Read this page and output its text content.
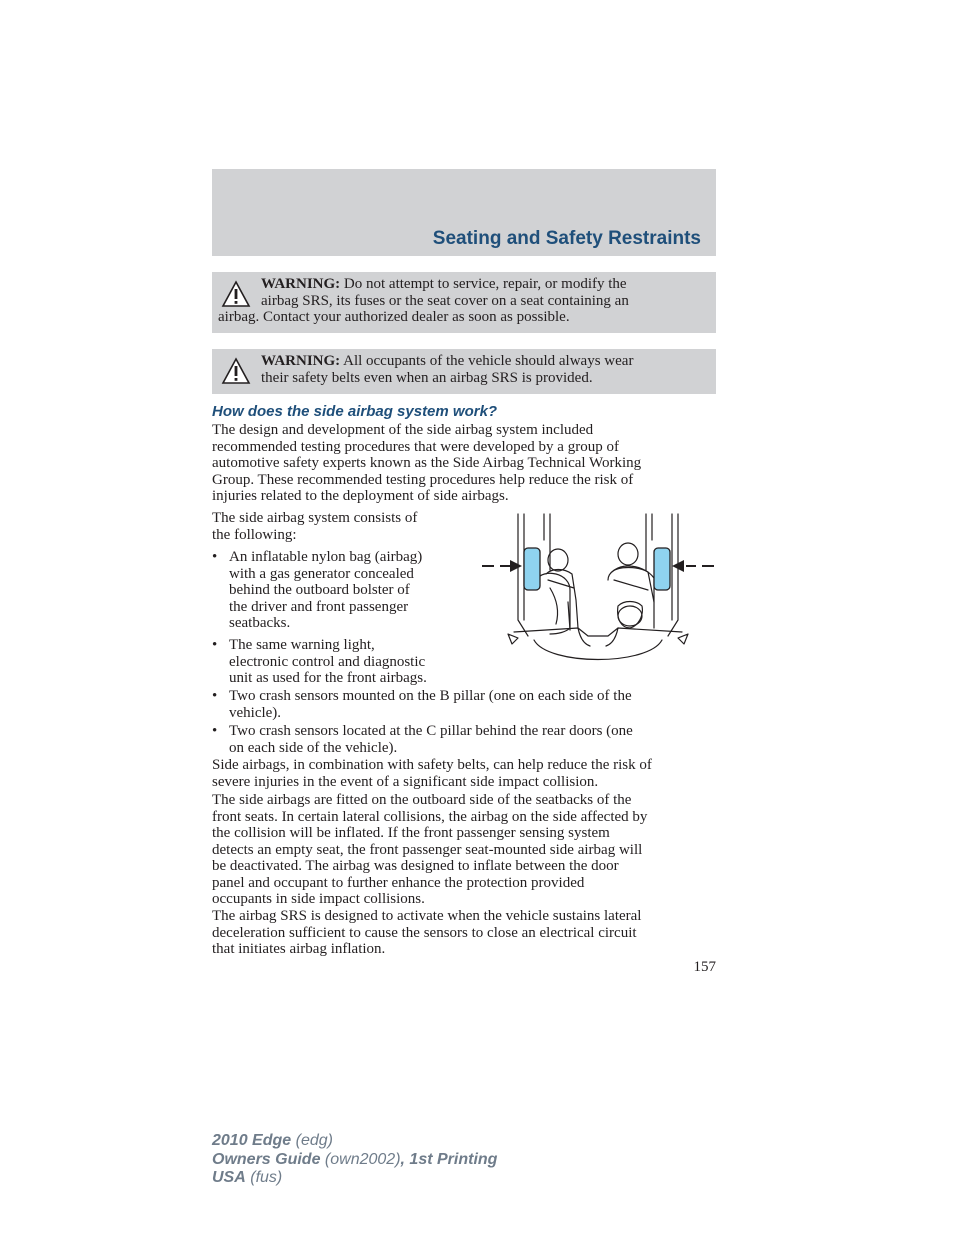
Seating and Safety Restraints
WARNING: Do not attempt to service, repair, or modify the
airbag SRS, its fuses or the seat cover on a seat containing an
airbag. Contact your authorized dealer as soon as possible.
WARNING: All occupants of the vehicle should always wear
their safety belts even when an airbag SRS is provided.
How does the side airbag system work?

The design and development of the side airbag system included

recommended testing procedures that were developed by a group of

automotive safety experts known as the Side Airbag Technical Working

Group. These recommended testing procedures help reduce the risk of

injuries related to the deployment of side airbags.

The side airbag system consists of

the following:

• An inflatable nylon bag (airbag)
with a gas generator concealed
behind the outboard bolster of
the driver and front passenger
seatbacks.
• The same warning light,
electronic control and diagnostic
unit as used for the front airbags.
• Two crash sensors mounted on the B pillar (one on each side of the
vehicle).
• Two crash sensors located at the C pillar behind the rear doors (one
on each side of the vehicle).

Side airbags, in combination with safety belts, can help reduce the risk of

severe injuries in the event of a significant side impact collision.

The side airbags are fitted on the outboard side of the seatbacks of the

front seats. In certain lateral collisions, the airbag on the side affected by

the collision will be inflated. If the front passenger sensing system

detects an empty seat, the front passenger seat-mounted side airbag will

be deactivated. The airbag was designed to inflate between the door

panel and occupant to further enhance the protection provided

occupants in side impact collisions.

The airbag SRS is designed to activate when the vehicle sustains lateral

deceleration sufficient to cause the sensors to close an electrical circuit

that initiates airbag inflation.

157
2010 Edge (edg)
Owners Guide (own2002), 1st Printing
USA (fus)
